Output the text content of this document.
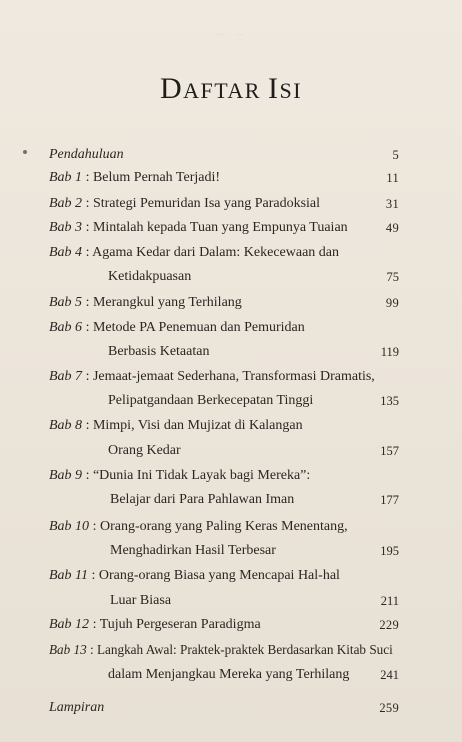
— · —
DAFTAR ISI
Pendahuluan	5
Bab 1 : Belum Pernah Terjadi!	11
Bab 2 : Strategi Pemuridan Isa yang Paradoksial	31
Bab 3 : Mintalah kepada Tuan yang Empunya Tuaian	49
Bab 4 : Agama Kedar dari Dalam: Kekecewaan dan
Ketidakpuasan	75
Bab 5 : Merangkul yang Terhilang	99
Bab 6 : Metode PA Penemuan dan Pemuridan
Berbasis Ketaatan	119
Bab 7 : Jemaat-jemaat Sederhana, Transformasi Dramatis,
Pelipatgandaan Berkecepatan Tinggi	135
Bab 8 : Mimpi, Visi dan Mujizat di Kalangan
Orang Kedar	157
Bab 9 : “Dunia Ini Tidak Layak bagi Mereka”:
Belajar dari Para Pahlawan Iman	177
Bab 10 : Orang-orang yang Paling Keras Menentang,
Menghadirkan Hasil Terbesar	195
Bab 11 : Orang-orang Biasa yang Mencapai Hal-hal
Luar Biasa	211
Bab 12 : Tujuh Pergeseran Paradigma	229
Bab 13 : Langkah Awal: Praktek-praktek Berdasarkan Kitab Suci
dalam Menjangkau Mereka yang Terhilang 241
Lampiran	259
